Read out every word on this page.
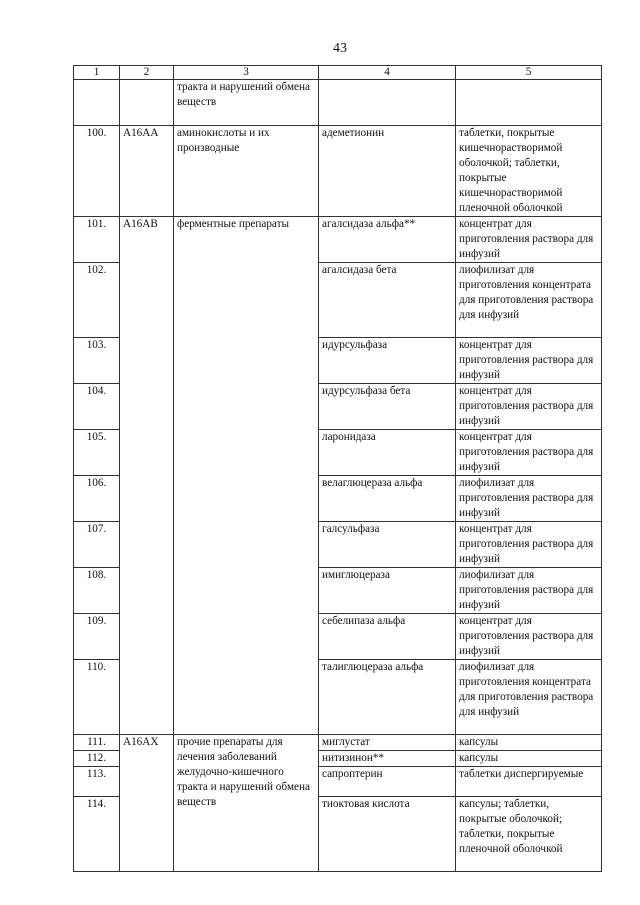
43
1	2	3	4	5
		тракта и нарушений обмена веществ		
100.	A16AA	аминокислоты и их производные	адеметионин	таблетки, покрытые кишечнорастворимой оболочкой; таблетки, покрытые кишечнорастворимой пленочной оболочкой
101.	A16AB	ферментные препараты	агалсидаза альфа**	концентрат для приготовления раствора для инфузий
102.			агалсидаза бета	лиофилизат для приготовления концентрата для приготовления раствора для инфузий
103.			идурсульфаза	концентрат для приготовления раствора для инфузий
104.			идурсульфаза бета	концентрат для приготовления раствора для инфузий
105.			ларонидаза	концентрат для приготовления раствора для инфузий
106.			велаглюцераза альфа	лиофилизат для приготовления раствора для инфузий
107.			галсульфаза	концентрат для приготовления раствора для инфузий
108.			имиглюцераза	лиофилизат для приготовления раствора для инфузий
109.			себелипаза альфа	концентрат для приготовления раствора для инфузий
110.			талиглюцераза альфа	лиофилизат для приготовления концентрата для приготовления раствора для инфузий
111.	A16AX	прочие препараты для лечения заболеваний желудочно-кишечного тракта и нарушений обмена веществ	миглустат	капсулы
112.			нитизинон**	капсулы
113.			сапроптерин	таблетки диспергируемые
114.			тиоктовая кислота	капсулы; таблетки, покрытые оболочкой; таблетки, покрытые пленочной оболочкой
